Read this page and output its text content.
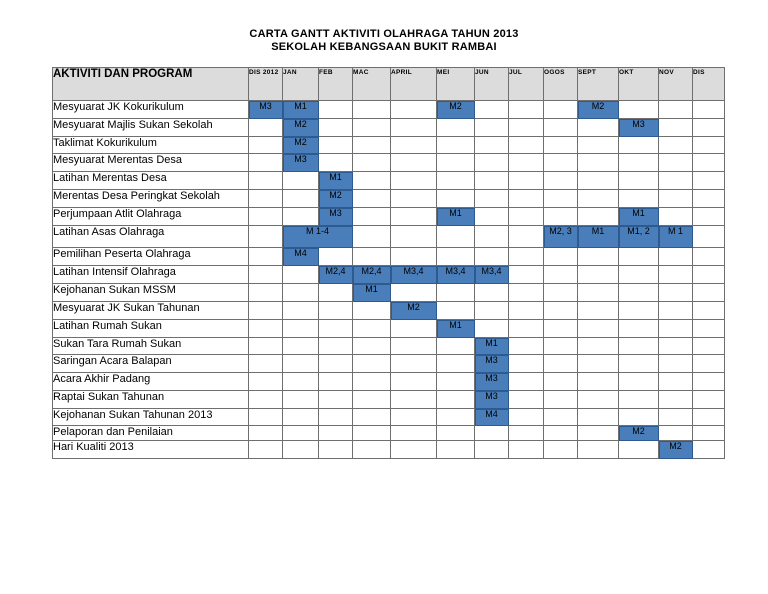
CARTA GANTT AKTIVITI OLAHRAGA TAHUN 2013
SEKOLAH KEBANGSAAN BUKIT RAMBAI
AKTIVITI DAN PROGRAM	DIS 2012	JAN	FEB	MAC	APRIL	MEI	JUN	JUL	OGOS	SEPT	OKT	NOV	DIS
Mesyuarat JK Kokurikulum	M3	M1				M2				M2			
Mesyuarat Majlis Sukan Sekolah		M2									M3		
Taklimat Kokurikulum		M2											
Mesyuarat Merentas Desa		M3											
Latihan Merentas Desa			M1										
Merentas Desa Peringkat Sekolah			M2										
Perjumpaan Atlit Olahraga			M3			M1					M1		
Latihan Asas Olahraga		M 1-4							M2, 3	M1	M1, 2	M 1	
Pemilihan Peserta Olahraga		M4											
Latihan Intensif Olahraga			M2,4	M2,4	M3,4	M3,4	M3,4						
Kejohanan Sukan MSSM				M1									
Mesyuarat JK Sukan Tahunan					M2								
Latihan Rumah Sukan						M1							
Sukan Tara Rumah Sukan							M1						
Saringan Acara Balapan							M3						
Acara Akhir Padang							M3						
Raptai Sukan Tahunan							M3						
Kejohanan Sukan Tahunan 2013							M4						
Pelaporan dan Penilaian											M2		
Hari Kualiti 2013												M2	
